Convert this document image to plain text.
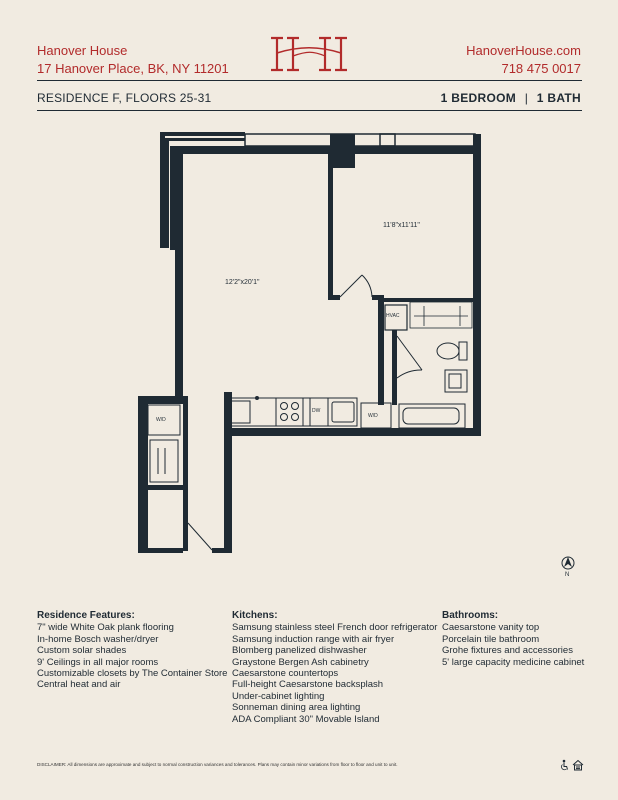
Hanover House
17 Hanover Place, BK, NY 11201
HanoverHouse.com
718 475 0017
RESIDENCE F, FLOORS 25-31	1 BEDROOM | 1 BATH
12'2"x20'1"
11'8"x11'11"
HVAC
DW
W/D
W/D
N
Residence Features:
7" wide White Oak plank flooring
In-home Bosch washer/dryer
Custom solar shades
9' Ceilings in all major rooms
Customizable closets by The Container Store
Central heat and air
Kitchens:
Samsung stainless steel French door refrigerator
Samsung induction range with air fryer
Blomberg panelized dishwasher
Graystone Bergen Ash cabinetry
Caesarstone countertops
Full-height Caesarstone backsplash
Under-cabinet lighting
Sonneman dining area lighting
ADA Compliant 30" Movable Island
Bathrooms:
Caesarstone vanity top
Porcelain tile bathroom
Grohe fixtures and accessories
5' large capacity medicine cabinet
DISCLAIMER: All dimensions are approximate and subject to normal construction variances and tolerances. Plans may contain minor variations from floor to floor and unit to unit.
